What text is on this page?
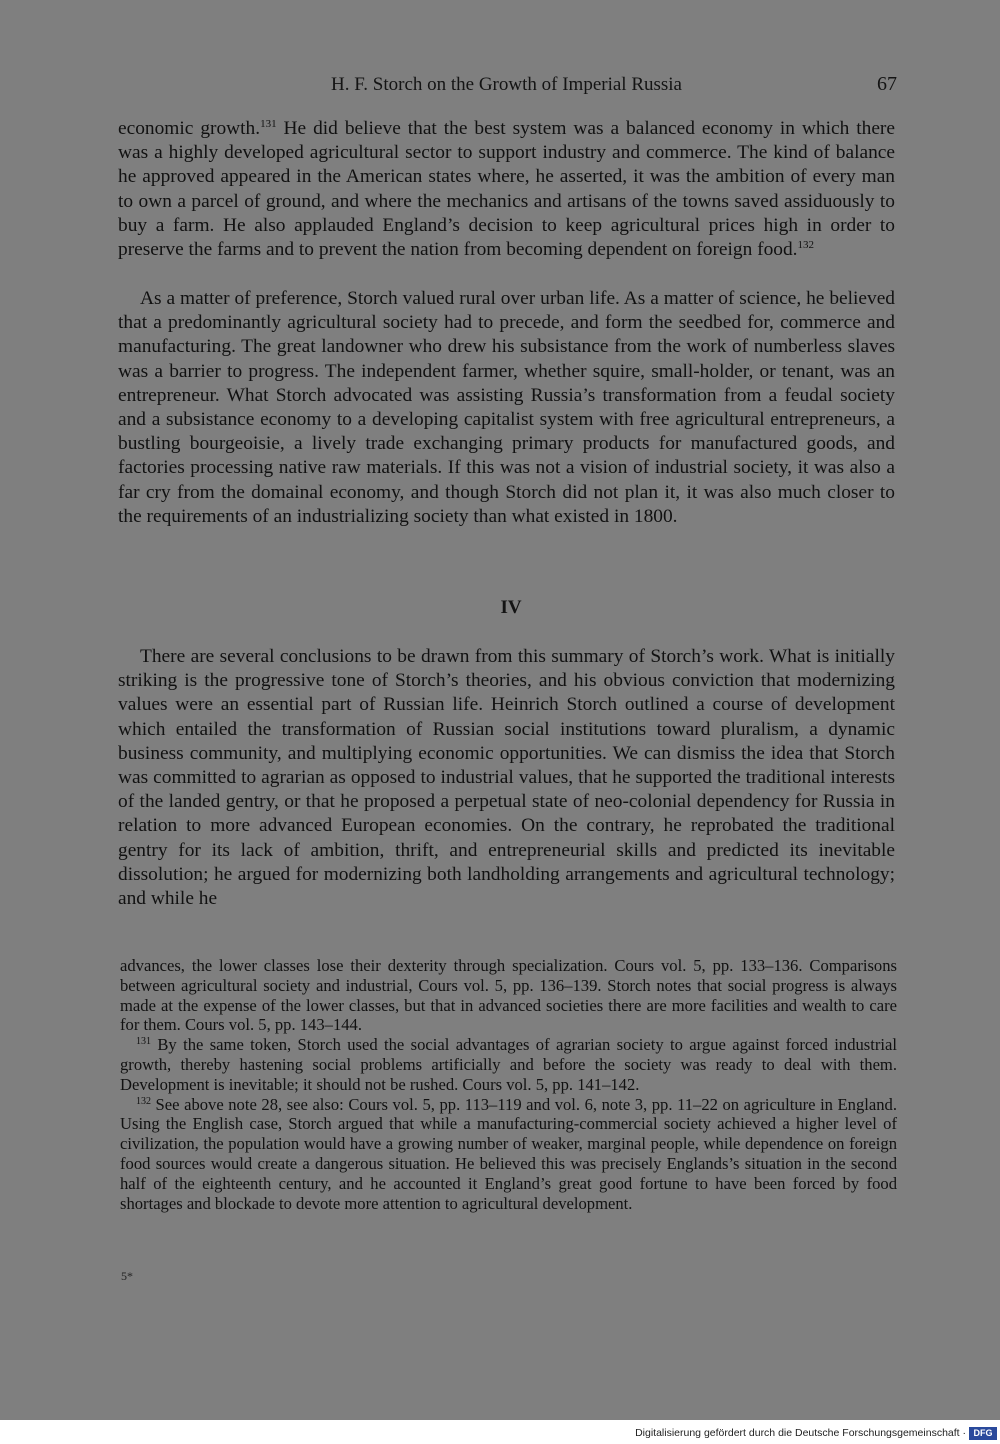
H. F. Storch on the Growth of Imperial Russia	67

economic growth.$^{131}$ He did believe that the best system was a balanced economy in which there was a highly developed agricultural sector to support industry and commerce. The kind of balance he approved appeared in the American states where, he asserted, it was the ambition of every man to own a parcel of ground, and where the mechanics and artisans of the towns saved assiduously to buy a farm. He also applauded England’s decision to keep agricultural prices high in order to preserve the farms and to prevent the nation from becoming dependent on foreign food.$^{132}$

As a matter of preference, Storch valued rural over urban life. As a matter of science, he believed that a predominantly agricultural society had to precede, and form the seedbed for, commerce and manufacturing. The great landowner who drew his subsistance from the work of numberless slaves was a barrier to progress. The independent farmer, whether squire, small-holder, or tenant, was an entrepreneur. What Storch advocated was assisting Russia’s transformation from a feudal society and a subsistance economy to a developing capitalist system with free agricultural entrepreneurs, a bustling bourgeoisie, a lively trade exchanging primary products for manufactured goods, and factories processing native raw materials. If this was not a vision of industrial society, it was also a far cry from the domainal economy, and though Storch did not plan it, it was also much closer to the requirements of an industrializing society than what existed in 1800.

IV

There are several conclusions to be drawn from this summary of Storch’s work. What is initially striking is the progressive tone of Storch’s theories, and his obvious conviction that modernizing values were an essential part of Russian life. Heinrich Storch outlined a course of development which entailed the transformation of Russian social institutions toward pluralism, a dynamic business community, and multiplying economic opportunities. We can dismiss the idea that Storch was committed to agrarian as opposed to industrial values, that he supported the traditional interests of the landed gentry, or that he proposed a perpetual state of neo-colonial dependency for Russia in relation to more advanced European economies. On the contrary, he reprobated the traditional gentry for its lack of ambition, thrift, and entrepreneurial skills and predicted its inevitable dissolution; he argued for modernizing both landholding arrangements and agricultural technology; and while he

advances, the lower classes lose their dexterity through specialization. Cours vol. 5, pp. 133–136. Comparisons between agricultural society and industrial, Cours vol. 5, pp. 136–139. Storch notes that social progress is always made at the expense of the lower classes, but that in advanced societies there are more facilities and wealth to care for them. Cours vol. 5, pp. 143–144.

$^{131}$ By the same token, Storch used the social advantages of agrarian society to argue against forced industrial growth, thereby hastening social problems artificially and before the society was ready to deal with them. Development is inevitable; it should not be rushed. Cours vol. 5, pp. 141–142.

$^{132}$ See above note 28, see also: Cours vol. 5, pp. 113–119 and vol. 6, note 3, pp. 11–22 on agriculture in England. Using the English case, Storch argued that while a manufacturing-commercial society achieved a higher level of civilization, the population would have a growing number of weaker, marginal people, while dependence on foreign food sources would create a dangerous situation. He believed this was precisely Englands’s situation in the second half of the eighteenth century, and he accounted it England’s great good fortune to have been forced by food shortages and blockade to devote more attention to agricultural development.

5*
Digitalisierung gefördert durch die Deutsche Forschungsgemeinschaft · DFG
